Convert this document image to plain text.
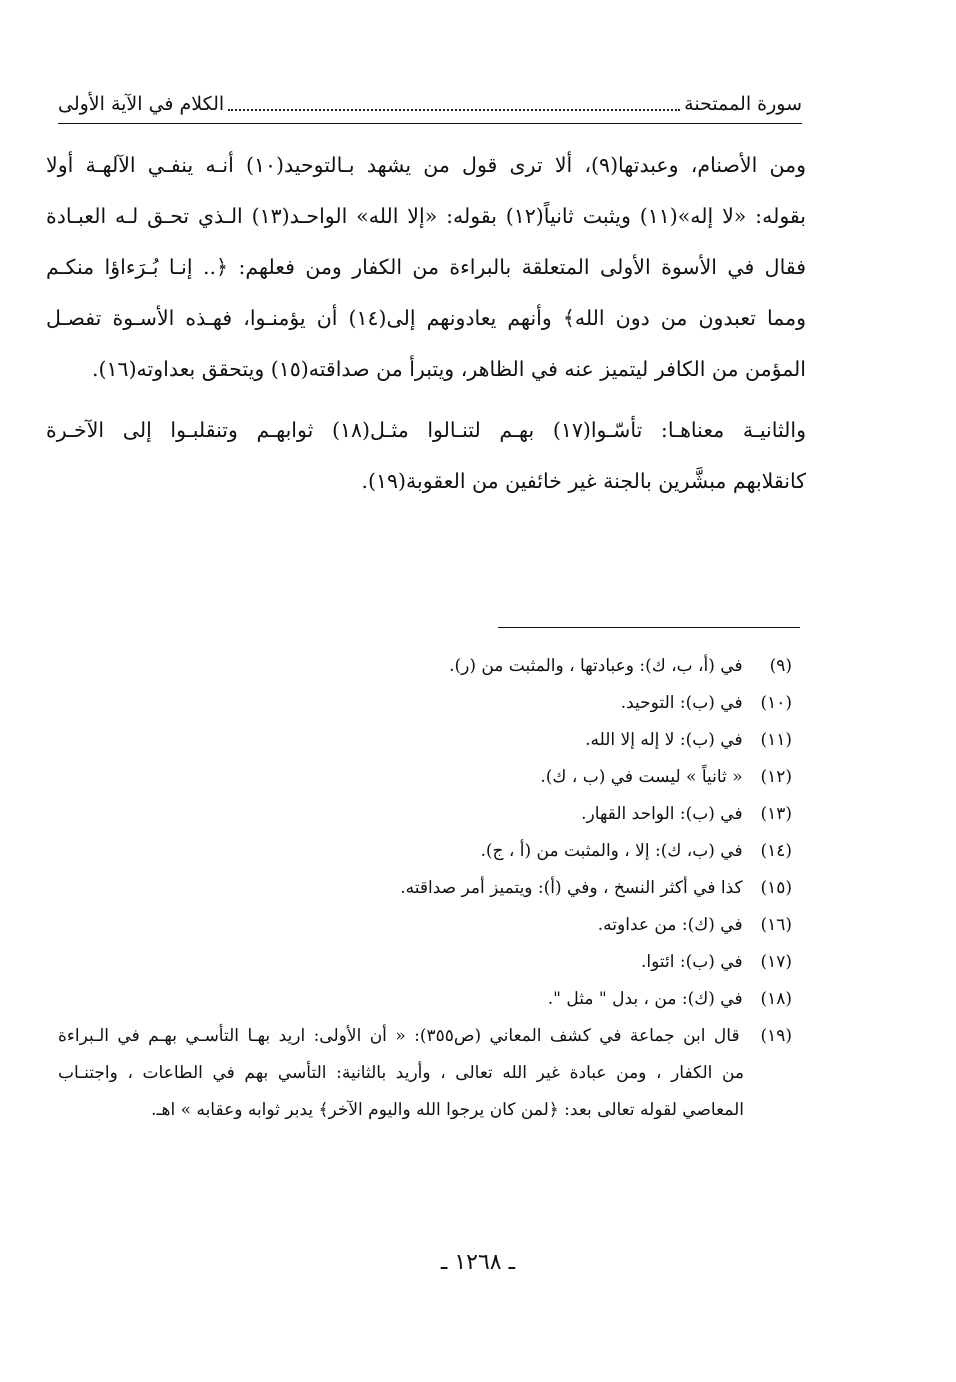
سورة الممتحنة
الكلام في الآية الأولى

ومن الأصنام، وعبدتها(٩)، ألا ترى قول من يشهد بـالتوحيد(١٠) أنـه ينفـي الآلهـة أولا
بقوله: «لا إله»(١١) ويثبت ثانياً(١٢) بقوله: «إلا الله» الواحـد(١٣) الـذي تحـق لـه العبـادة
فقال في الأسوة الأولى المتعلقة بالبراءة من الكفار ومن فعلهم: ﴿.. إنـا بُـرَءاؤا منكـم
ومما تعبدون من دون الله﴾ وأنهم يعادونهم إلى(١٤) أن يؤمنـوا، فهـذه الأسـوة تفصـل
المؤمن من الكافر ليتميز عنه في الظاهر، ويتبرأ من صداقته(١٥) ويتحقق بعداوته(١٦).

والثانيـة معناهـا: تأسّـوا(١٧) بهـم لتنـالوا مثـل(١٨) ثوابهـم وتنقلبـوا إلى الآخـرة
كانقلابهم مبشَّرين بالجنة غير خائفين من العقوبة(١٩).

(٩) في (أ، ب، ك): وعبادتها ، والمثبت من (ر).
(١٠) في (ب): التوحيد.
(١١) في (ب): لا إله إلا الله.
(١٢) « ثانياً » ليست في (ب ، ك).
(١٣) في (ب): الواحد القهار.
(١٤) في (ب، ك): إلا ، والمثبت من (أ ، ج).
(١٥) كذا في أكثر النسخ ، وفي (أ): ويتميز أمر صداقته.
(١٦) في (ك): من عداوته.
(١٧) في (ب): ائتوا.
(١٨) في (ك): من ، بدل " مثل ".
(١٩) قال ابن جماعة في كشف المعاني (ص٣٥٥): « أن الأولى: اريد بهـا التأسـي بهـم في الـبراءة
من الكفار ، ومن عبادة غير الله تعالى ، وأريد بالثانية: التأسي بهم في الطاعات ، واجتنـاب
المعاصي لقوله تعالى بعد: ﴿لمن كان يرجوا الله واليوم الآخر﴾ يدبر ثوابه وعقابه » اهـ.
ـ ١٢٦٨ ـ
